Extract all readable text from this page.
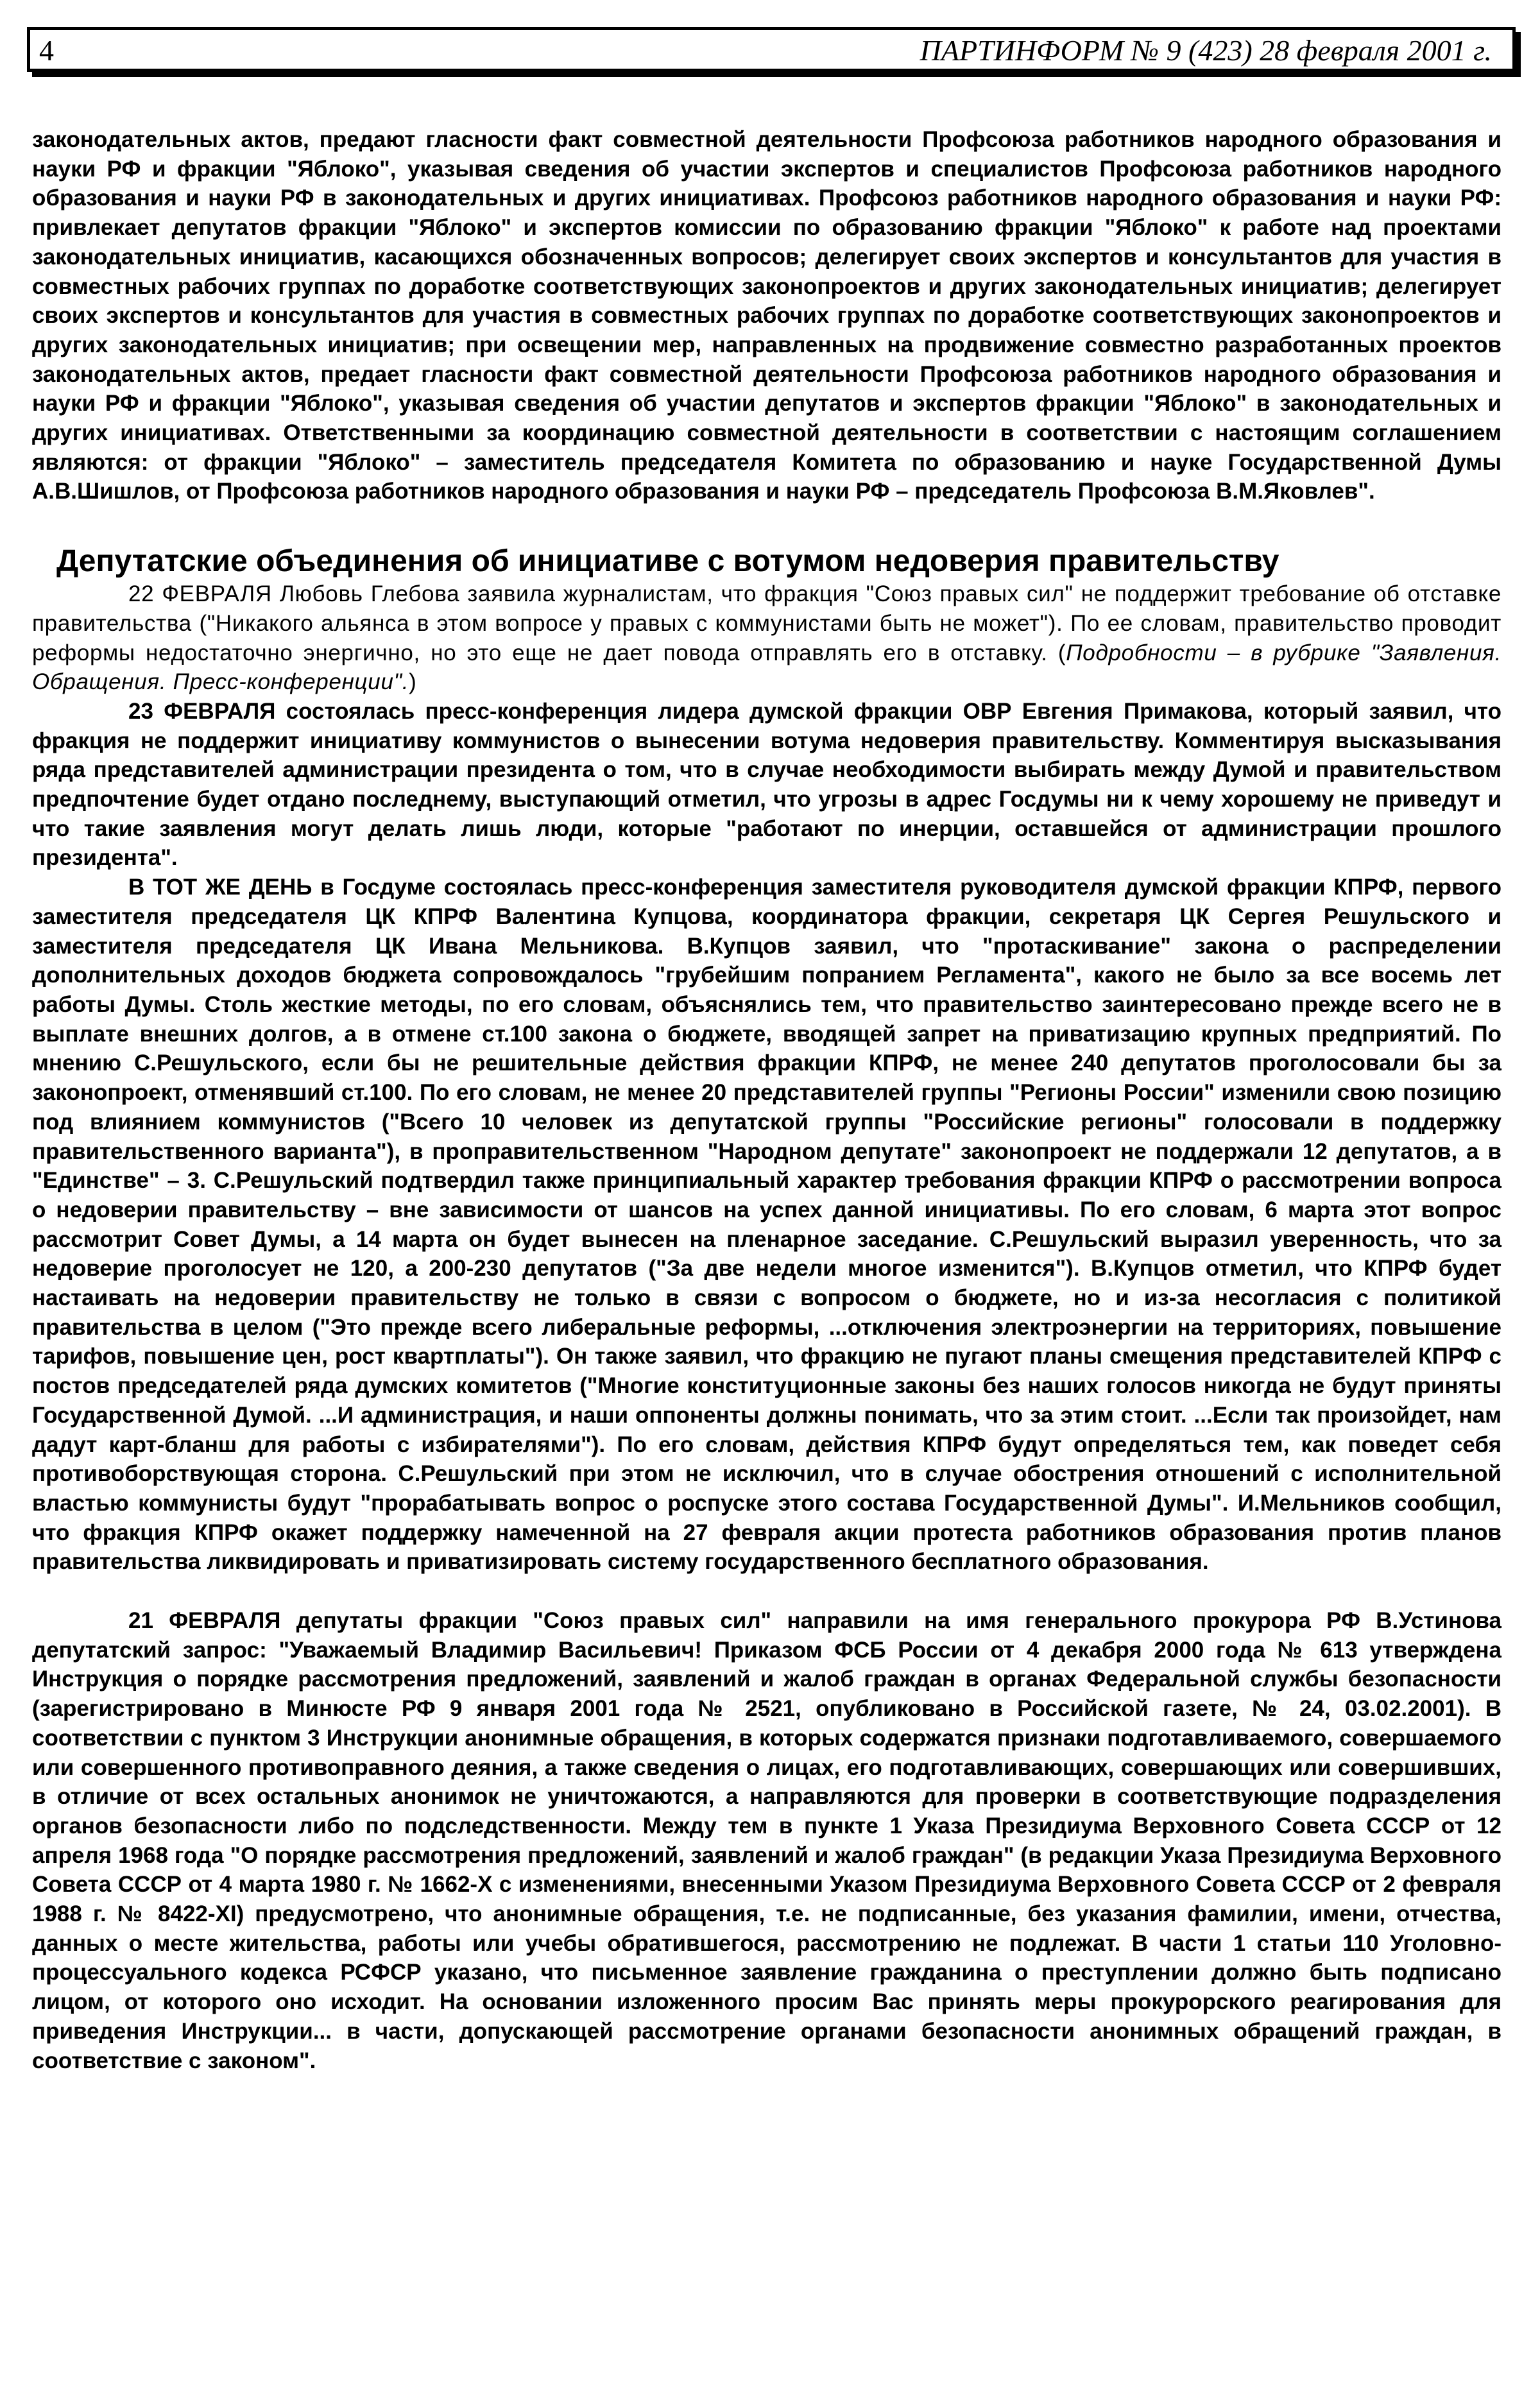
4	ПАРТИНФОРМ № 9 (423) 28 февраля 2001 г.

законодательных актов, предают гласности факт совместной деятельности Профсоюза работников народного образования и науки РФ и фракции "Яблоко", указывая сведения об участии экспертов и специалистов Профсоюза работников народного образования и науки РФ в законодательных и других инициативах. Профсоюз работников народного образования и науки РФ: привлекает депутатов фракции "Яблоко" и экспертов комиссии по образованию фракции "Яблоко" к работе над проектами законодательных инициатив, касающихся обозначенных вопросов; делегирует своих экспертов и консультантов для участия в совместных рабочих группах по доработке соответствующих законопроектов и других законодательных инициатив; делегирует своих экспертов и консультантов для участия в совместных рабочих группах по доработке соответствующих законопроектов и других законодательных инициатив; при освещении мер, направленных на продвижение совместно разработанных проектов законодательных актов, предает гласности факт совместной деятельности Профсоюза работников народного образования и науки РФ и фракции "Яблоко", указывая сведения об участии депутатов и экспертов фракции "Яблоко" в законодательных и других инициативах. Ответственными за координацию совместной деятельности в соответствии с настоящим соглашением являются: от фракции "Яблоко" – заместитель председателя Комитета по образованию и науке Государственной Думы А.В.Шишлов, от Профсоюза работников народного образования и науки РФ – председатель Профсоюза В.М.Яковлев".

Депутатские объединения об инициативе с вотумом недоверия правительству

22 ФЕВРАЛЯ Любовь Глебова заявила журналистам, что фракция "Союз правых сил" не поддержит требование об отставке правительства ("Никакого альянса в этом вопросе у правых с коммунистами быть не может"). По ее словам, правительство проводит реформы недостаточно энергично, но это еще не дает повода отправлять его в отставку. (Подробности – в рубрике "Заявления. Обращения. Пресс-конференции".)

23 ФЕВРАЛЯ состоялась пресс-конференция лидера думской фракции ОВР Евгения Примакова, который заявил, что фракция не поддержит инициативу коммунистов о вынесении вотума недоверия правительству. Комментируя высказывания ряда представителей администрации президента о том, что в случае необходимости выбирать между Думой и правительством предпочтение будет отдано последнему, выступающий отметил, что угрозы в адрес Госдумы ни к чему хорошему не приведут и что такие заявления могут делать лишь люди, которые "работают по инерции, оставшейся от администрации прошлого президента".

В ТОТ ЖЕ ДЕНЬ в Госдуме состоялась пресс-конференция заместителя руководителя думской фракции КПРФ, первого заместителя председателя ЦК КПРФ Валентина Купцова, координатора фракции, секретаря ЦК Сергея Решульского и заместителя председателя ЦК Ивана Мельникова. В.Купцов заявил, что "протаскивание" закона о распределении дополнительных доходов бюджета сопровождалось "грубейшим попранием Регламента", какого не было за все восемь лет работы Думы. Столь жесткие методы, по его словам, объяснялись тем, что правительство заинтересовано прежде всего не в выплате внешних долгов, а в отмене ст.100 закона о бюджете, вводящей запрет на приватизацию крупных предприятий. По мнению С.Решульского, если бы не решительные действия фракции КПРФ, не менее 240 депутатов проголосовали бы за законопроект, отменявший ст.100. По его словам, не менее 20 представителей группы "Регионы России" изменили свою позицию под влиянием коммунистов ("Всего 10 человек из депутатской группы "Российские регионы" голосовали в поддержку правительственного варианта"), в проправительственном "Народном депутате" законопроект не поддержали 12 депутатов, а в "Единстве" – 3. С.Решульский подтвердил также принципиальный характер требования фракции КПРФ о рассмотрении вопроса о недоверии правительству – вне зависимости от шансов на успех данной инициативы. По его словам, 6 марта этот вопрос рассмотрит Совет Думы, а 14 марта он будет вынесен на пленарное заседание. С.Решульский выразил уверенность, что за недоверие проголосует не 120, а 200-230 депутатов ("За две недели многое изменится"). В.Купцов отметил, что КПРФ будет настаивать на недоверии правительству не только в связи с вопросом о бюджете, но и из-за несогласия с политикой правительства в целом ("Это прежде всего либеральные реформы, ...отключения электроэнергии на территориях, повышение тарифов, повышение цен, рост квартплаты"). Он также заявил, что фракцию не пугают планы смещения представителей КПРФ с постов председателей ряда думских комитетов ("Многие конституционные законы без наших голосов никогда не будут приняты Государственной Думой. ...И администрация, и наши оппоненты должны понимать, что за этим стоит. ...Если так произойдет, нам дадут карт-бланш для работы с избирателями"). По его словам, действия КПРФ будут определяться тем, как поведет себя противоборствующая сторона. С.Решульский при этом не исключил, что в случае обострения отношений с исполнительной властью коммунисты будут "прорабатывать вопрос о роспуске этого состава Государственной Думы". И.Мельников сообщил, что фракция КПРФ окажет поддержку намеченной на 27 февраля акции протеста работников образования против планов правительства ликвидировать и приватизировать систему государственного бесплатного образования.

21 ФЕВРАЛЯ депутаты фракции "Союз правых сил" направили на имя генерального прокурора РФ В.Устинова депутатский запрос: "Уважаемый Владимир Васильевич! Приказом ФСБ России от 4 декабря 2000 года № 613 утверждена Инструкция о порядке рассмотрения предложений, заявлений и жалоб граждан в органах Федеральной службы безопасности (зарегистрировано в Минюсте РФ 9 января 2001 года № 2521, опубликовано в Российской газете, № 24, 03.02.2001). В соответствии с пунктом 3 Инструкции анонимные обращения, в которых содержатся признаки подготавливаемого, совершаемого или совершенного противоправного деяния, а также сведения о лицах, его подготавливающих, совершающих или совершивших, в отличие от всех остальных анонимок не уничтожаются, а направляются для проверки в соответствующие подразделения органов безопасности либо по подследственности. Между тем в пункте 1 Указа Президиума Верховного Совета СССР от 12 апреля 1968 года "О порядке рассмотрения предложений, заявлений и жалоб граждан" (в редакции Указа Президиума Верховного Совета СССР от 4 марта 1980 г. № 1662-X с изменениями, внесенными Указом Президиума Верховного Совета СССР от 2 февраля 1988 г. № 8422-XI) предусмотрено, что анонимные обращения, т.е. не подписанные, без указания фамилии, имени, отчества, данных о месте жительства, работы или учебы обратившегося, рассмотрению не подлежат. В части 1 статьи 110 Уголовно-процессуального кодекса РСФСР указано, что письменное заявление гражданина о преступлении должно быть подписано лицом, от которого оно исходит. На основании изложенного просим Вас принять меры прокурорского реагирования для приведения Инструкции... в части, допускающей рассмотрение органами безопасности анонимных обращений граждан, в соответствие с законом".
